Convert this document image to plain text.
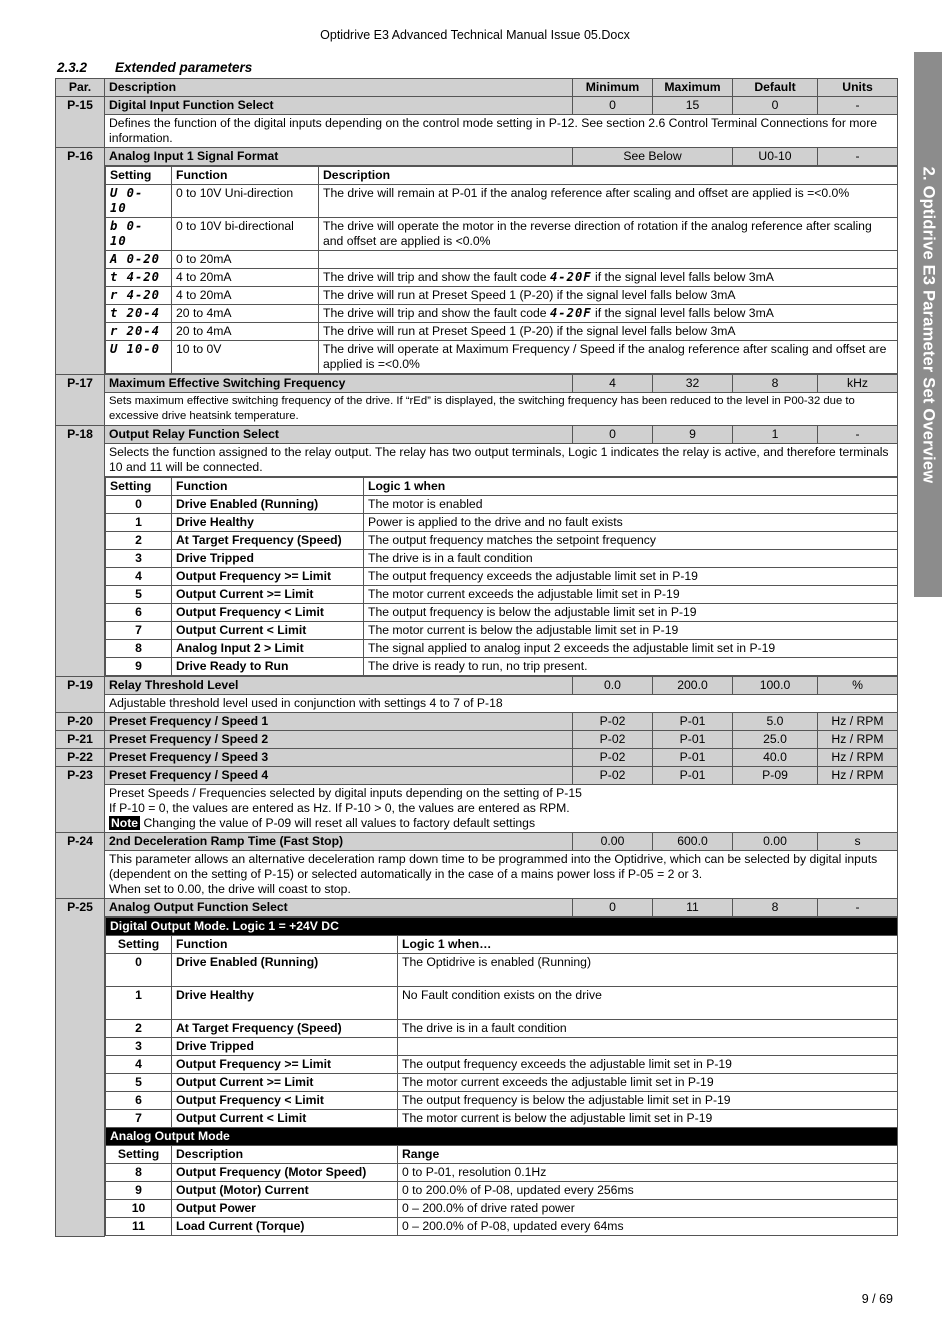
Optidrive E3 Advanced Technical Manual Issue 05.Docx
2.3.2 Extended parameters
2. Optidrive E3 Parameter Set Overview
Par.	Description	Minimum	Maximum	Default	Units
P-15	Digital Input Function Select	0	15	0	-
Defines the function of the digital inputs depending on the control mode setting in P-12. See section 2.6 Control Terminal Connections for more information.
P-16	Analog Input 1 Signal Format	See Below	U0-10	-

Setting	Function	Description
U 0- 10	0 to 10V Uni-direction	The drive will remain at P-01 if the analog reference after scaling and offset are applied is =<0.0%
b 0- 10	0 to 10V bi-directional	The drive will operate the motor in the reverse direction of rotation if the analog reference after scaling and offset are applied is <0.0%
A 0-20	0 to 20mA	
t 4-20	4 to 20mA	The drive will trip and show the fault code 4-20F if the signal level falls below 3mA
r 4-20	4 to 20mA	The drive will run at Preset Speed 1 (P-20) if the signal level falls below 3mA
t 20-4	20 to 4mA	The drive will trip and show the fault code 4-20F if the signal level falls below 3mA
r 20-4	20 to 4mA	The drive will run at Preset Speed 1 (P-20) if the signal level falls below 3mA
U 10-0	10 to 0V	The drive will operate at Maximum Frequency / Speed if the analog reference after scaling and offset are applied is =<0.0%

P-17	Maximum Effective Switching Frequency	4	32	8	kHz
Sets maximum effective switching frequency of the drive. If “rEd” is displayed, the switching frequency has been reduced to the level in P00-32 due to excessive drive heatsink temperature.
P-18	Output Relay Function Select	0	9	1	-
Selects the function assigned to the relay output. The relay has two output terminals, Logic 1 indicates the relay is active, and therefore terminals 10 and 11 will be connected.

Setting	Function	Logic 1 when
0	Drive Enabled (Running)	The motor is enabled
1	Drive Healthy	Power is applied to the drive and no fault exists
2	At Target Frequency (Speed)	The output frequency matches the setpoint frequency
3	Drive Tripped	The drive is in a fault condition
4	Output Frequency >= Limit	The output frequency exceeds the adjustable limit set in P-19
5	Output Current >= Limit	The motor current exceeds the adjustable limit set in P-19
6	Output Frequency < Limit	The output frequency is below the adjustable limit set in P-19
7	Output Current < Limit	The motor current is below the adjustable limit set in P-19
8	Analog Input 2 > Limit	The signal applied to analog input 2 exceeds the adjustable limit set in P-19
9	Drive Ready to Run	The drive is ready to run, no trip present.

P-19	Relay Threshold Level	0.0	200.0	100.0	%
Adjustable threshold level used in conjunction with settings 4 to 7 of P-18
P-20	Preset Frequency / Speed 1	P-02	P-01	5.0	Hz / RPM
P-21	Preset Frequency / Speed 2	P-02	P-01	25.0	Hz / RPM
P-22	Preset Frequency / Speed 3	P-02	P-01	40.0	Hz / RPM
P-23	Preset Frequency / Speed 4	P-02	P-01	P-09	Hz / RPM

Preset Speeds / Frequencies selected by digital inputs depending on the setting of P-15
If P-10 = 0, the values are entered as Hz. If P-10 > 0, the values are entered as RPM.
Note Changing the value of P-09 will reset all values to factory default settings

P-24	2nd Deceleration Ramp Time (Fast Stop)	0.00	600.0	0.00	s

This parameter allows an alternative deceleration ramp down time to be programmed into the Optidrive, which can be selected by digital inputs (dependent on the setting of P-15) or selected automatically in the case of a mains power loss if P-05 = 2 or 3.
When set to 0.00, the drive will coast to stop.

P-25	Analog Output Function Select	0	11	8	-

Digital Output Mode. Logic 1 = +24V DC
Setting	Function	Logic 1 when…
0	Drive Enabled (Running)	The Optidrive is enabled (Running)
1	Drive Healthy	No Fault condition exists on the drive
2	At Target Frequency (Speed)	The drive is in a fault condition
3	Drive Tripped	
4	Output Frequency >= Limit	The output frequency exceeds the adjustable limit set in P-19
5	Output Current >= Limit	The motor current exceeds the adjustable limit set in P-19
6	Output Frequency < Limit	The output frequency is below the adjustable limit set in P-19
7	Output Current < Limit	The motor current is below the adjustable limit set in P-19
Analog Output Mode
Setting	Description	Range
8	Output Frequency (Motor Speed)	0 to P-01, resolution 0.1Hz
9	Output (Motor) Current	0 to 200.0% of P-08, updated every 256ms
10	Output Power	0 – 200.0% of drive rated power
11	Load Current (Torque)	0 – 200.0% of P-08, updated every 64ms
9 / 69
